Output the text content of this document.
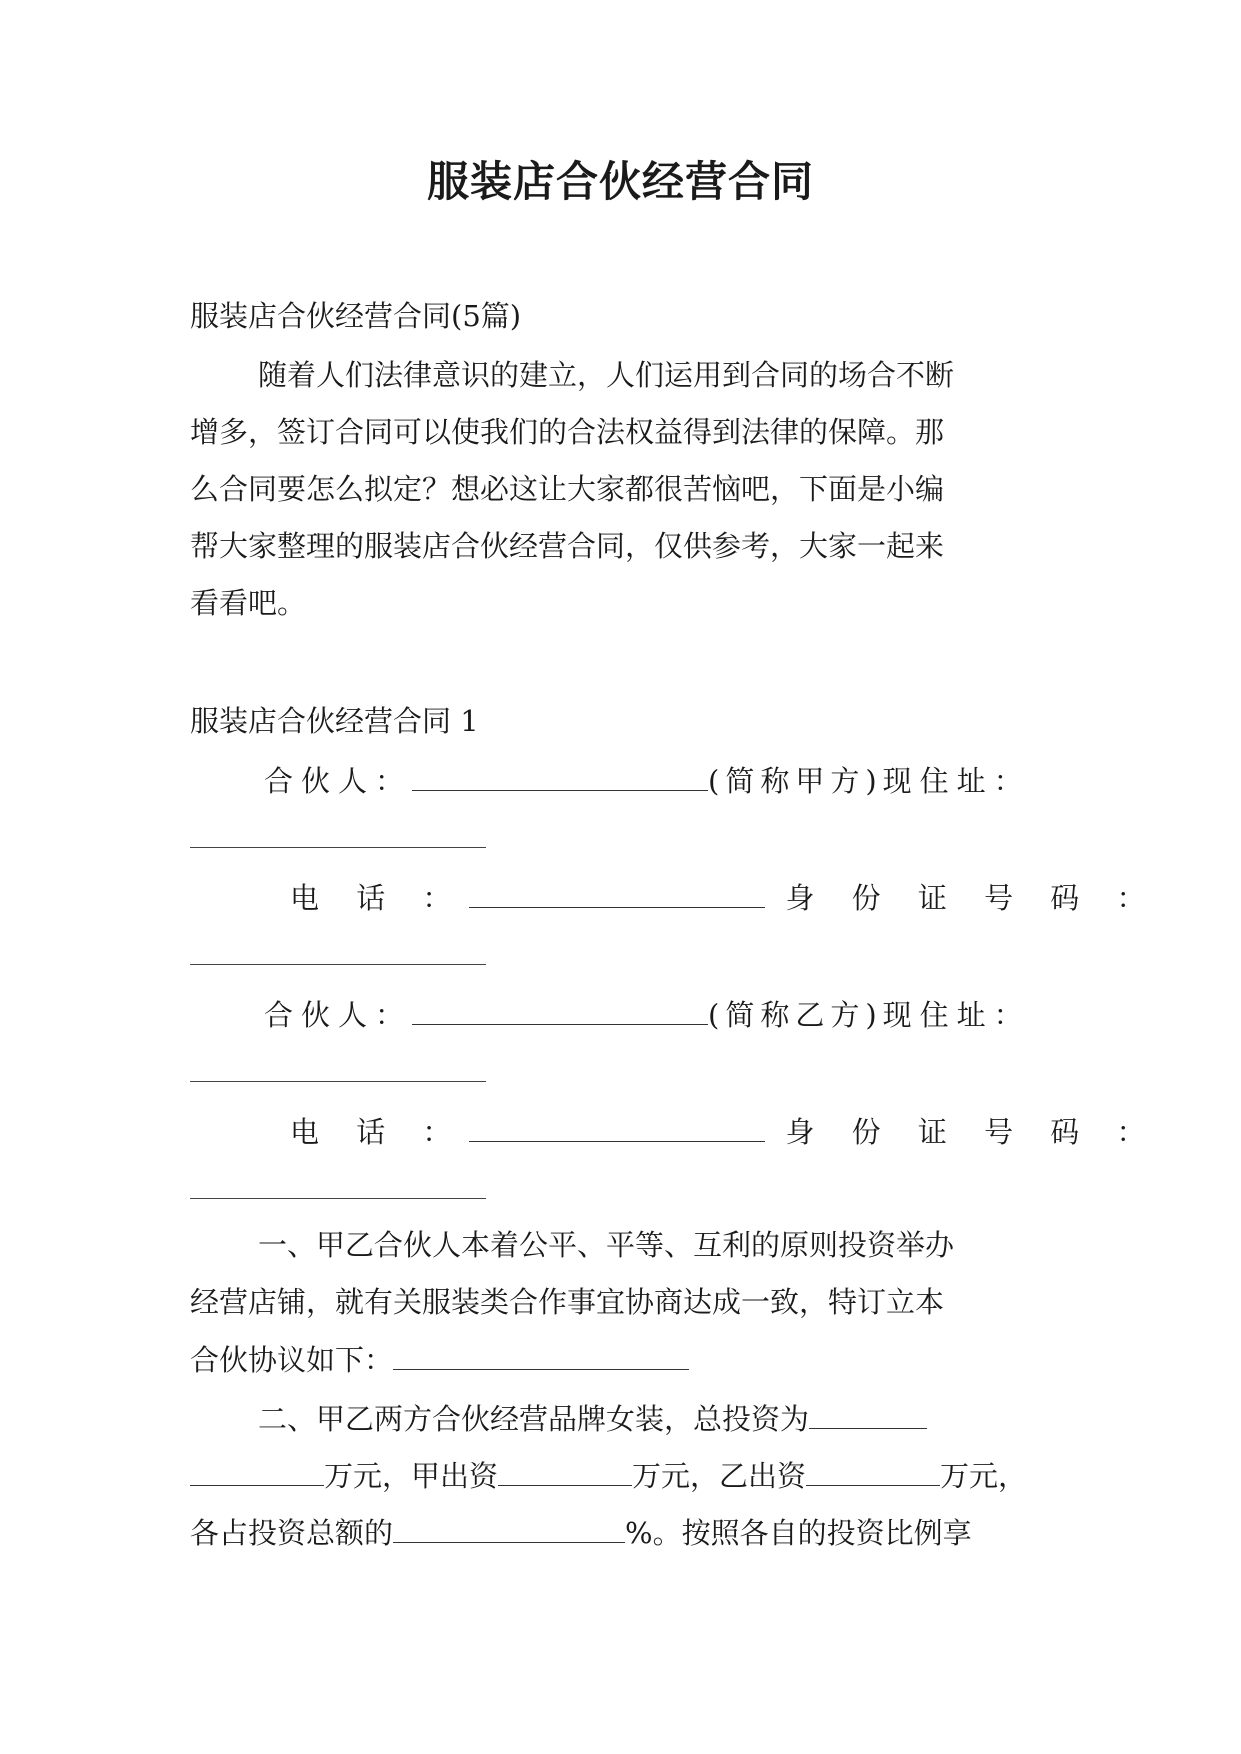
服装店合伙经营合同
服装店合伙经营合同(5篇)
随着人们法律意识的建立，人们运用到合同的场合不断
增多，签订合同可以使我们的合法权益得到法律的保障。那
么合同要怎么拟定？想必这让大家都很苦恼吧，下面是小编
帮大家整理的服装店合伙经营合同，仅供参考，大家一起来
看看吧。
服装店合伙经营合同 1
合伙人：	(简称甲方)现住址：
电 话 ：	身 份 证 号 码 ：
合伙人：	(简称乙方)现住址：
电 话 ：	身 份 证 号 码 ：
一、甲乙合伙人本着公平、平等、互利的原则投资举办
经营店铺，就有关服装类合作事宜协商达成一致，特订立本
合伙协议如下：
二、甲乙两方合伙经营品牌女装，总投资为
万元，甲出资	万元，乙出资	万元，
各占投资总额的	%。按照各自的投资比例享
